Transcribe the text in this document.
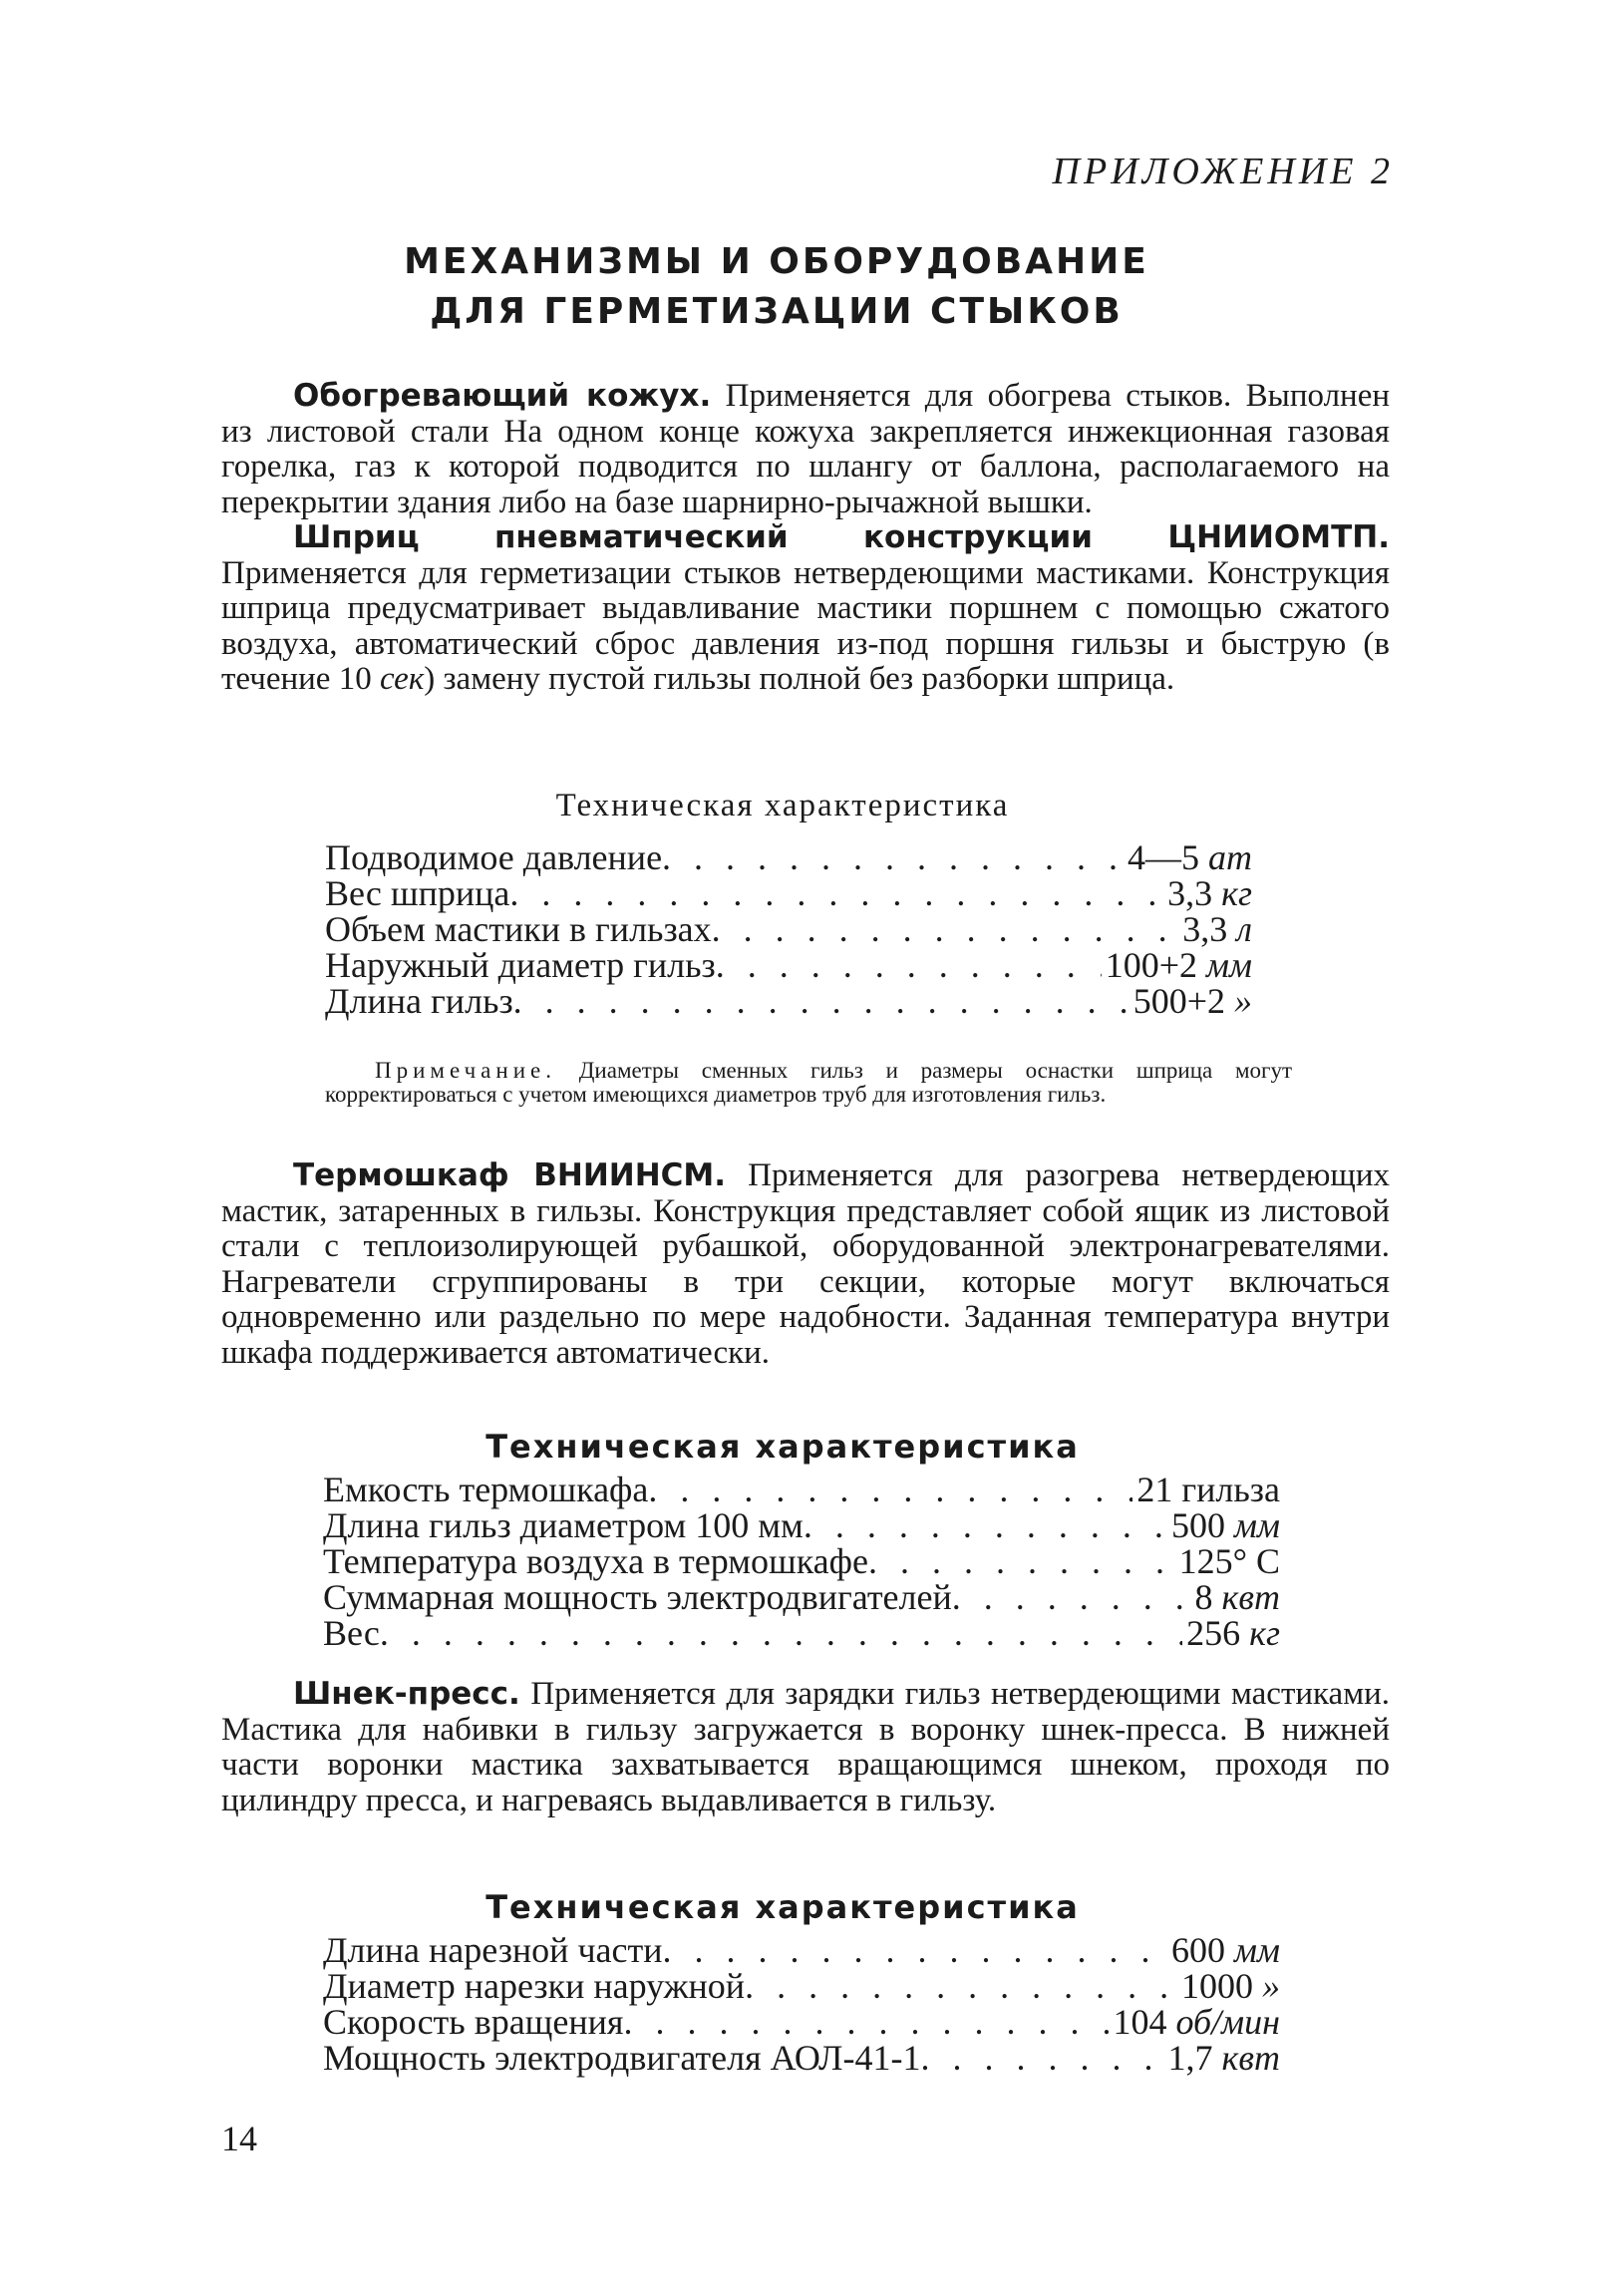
ПРИЛОЖЕНИЕ 2
МЕХАНИЗМЫ И ОБОРУДОВАНИЕ
ДЛЯ ГЕРМЕТИЗАЦИИ СТЫКОВ

Обогревающий кожух. Применяется для обогрева стыков. Выполнен из листовой стали На одном конце кожуха закрепляется инжекционная газовая горелка, газ к которой подводится по шлангу от баллона, располагаемого на перекрытии здания либо на базе шарнирно-рычажной вышки.

Шприц пневматический конструкции ЦНИИОМТП. Применяется для герметизации стыков нетвердеющими мастиками. Конструкция шприца предусматривает выдавливание мастики поршнем с помощью сжатого воздуха, автоматический сброс давления из-под поршня гильзы и быструю (в течение 10 сек) замену пустой гильзы полной без разборки шприца.

Техническая характеристика
Подводимое давление . . .	4—5 ат
Вес шприца . . .	3,3 кг
Объем мастики в гильзах . . .	3,3 л
Наружный диаметр гильз . . .	100+2 мм
Длина гильз . . .	500+2 »
Примечание. Диаметры сменных гильз и размеры оснастки шприца могут корректироваться с учетом имеющихся диаметров труб для изготовления гильз.

Термошкаф ВНИИНСМ. Применяется для разогрева нетвердеющих мастик, затаренных в гильзы. Конструкция представляет собой ящик из листовой стали с теплоизолирующей рубашкой, оборудованной электронагревателями. Нагреватели сгруппированы в три секции, которые могут включаться одновременно или раздельно по мере надобности. Заданная температура внутри шкафа поддерживается автоматически.

Техническая характеристика
Емкость термошкафа . . .	21 гильза
Длина гильз диаметром 100 мм . . .	500 мм
Температура воздуха в термошкафе . . .	125° С
Суммарная мощность электродвигателей . . .	8 квт
Вес . . .	256 кг

Шнек-пресс. Применяется для зарядки гильз нетвердеющими мастиками. Мастика для набивки в гильзу загружается в воронку шнек-пресса. В нижней части воронки мастика захватывается вращающимся шнеком, проходя по цилиндру пресса, и нагреваясь выдавливается в гильзу.

Техническая характеристика
Длина нарезной части . . .	600 мм
Диаметр нарезки наружной . . .	1000 »
Скорость вращения . . .	104 об/мин
Мощность электродвигателя АОЛ-41-1 . . .	1,7 квт
14
